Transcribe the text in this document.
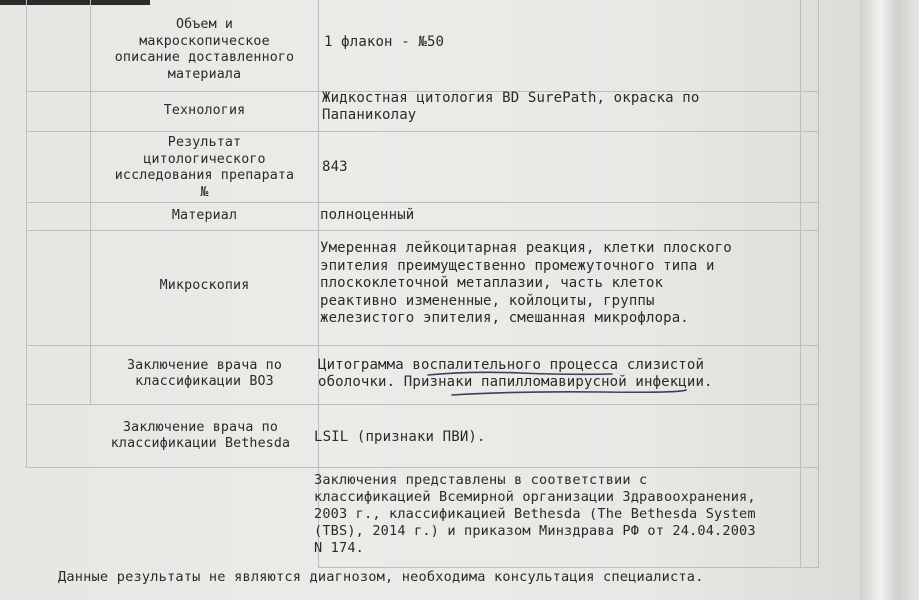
Объем и
макроскопическое
описание доставленного
материала
1 флакон - №50
Технология
Жидкостная цитология BD SurePath, окраска по
Папаниколау
Результат
цитологического
исследования препарата
№
843
Материал	полноценный
Микроскопия
Умеренная лейкоцитарная реакция, клетки плоского
эпителия преимущественно промежуточного типа и
плоскоклеточной метаплазии, часть клеток
реактивно измененные, койлоциты, группы
железистого эпителия, смешанная микрофлора.
Заключение врача по
классификации ВОЗ
Цитограмма воспалительного процесса слизистой
оболочки. Признаки папилломавирусной инфекции.
Заключение врача по
классификации Bethesda LSIL (признаки ПВИ).
Заключения представлены в соответствии с
классификацией Всемирной организации Здравоохранения,
2003 г., классификацией Bethesda (The Bethesda System
(TBS), 2014 г.) и приказом Минздрава РФ от 24.04.2003
N 174.
Данные результаты не являются диагнозом, необходима консультация специалиста.
